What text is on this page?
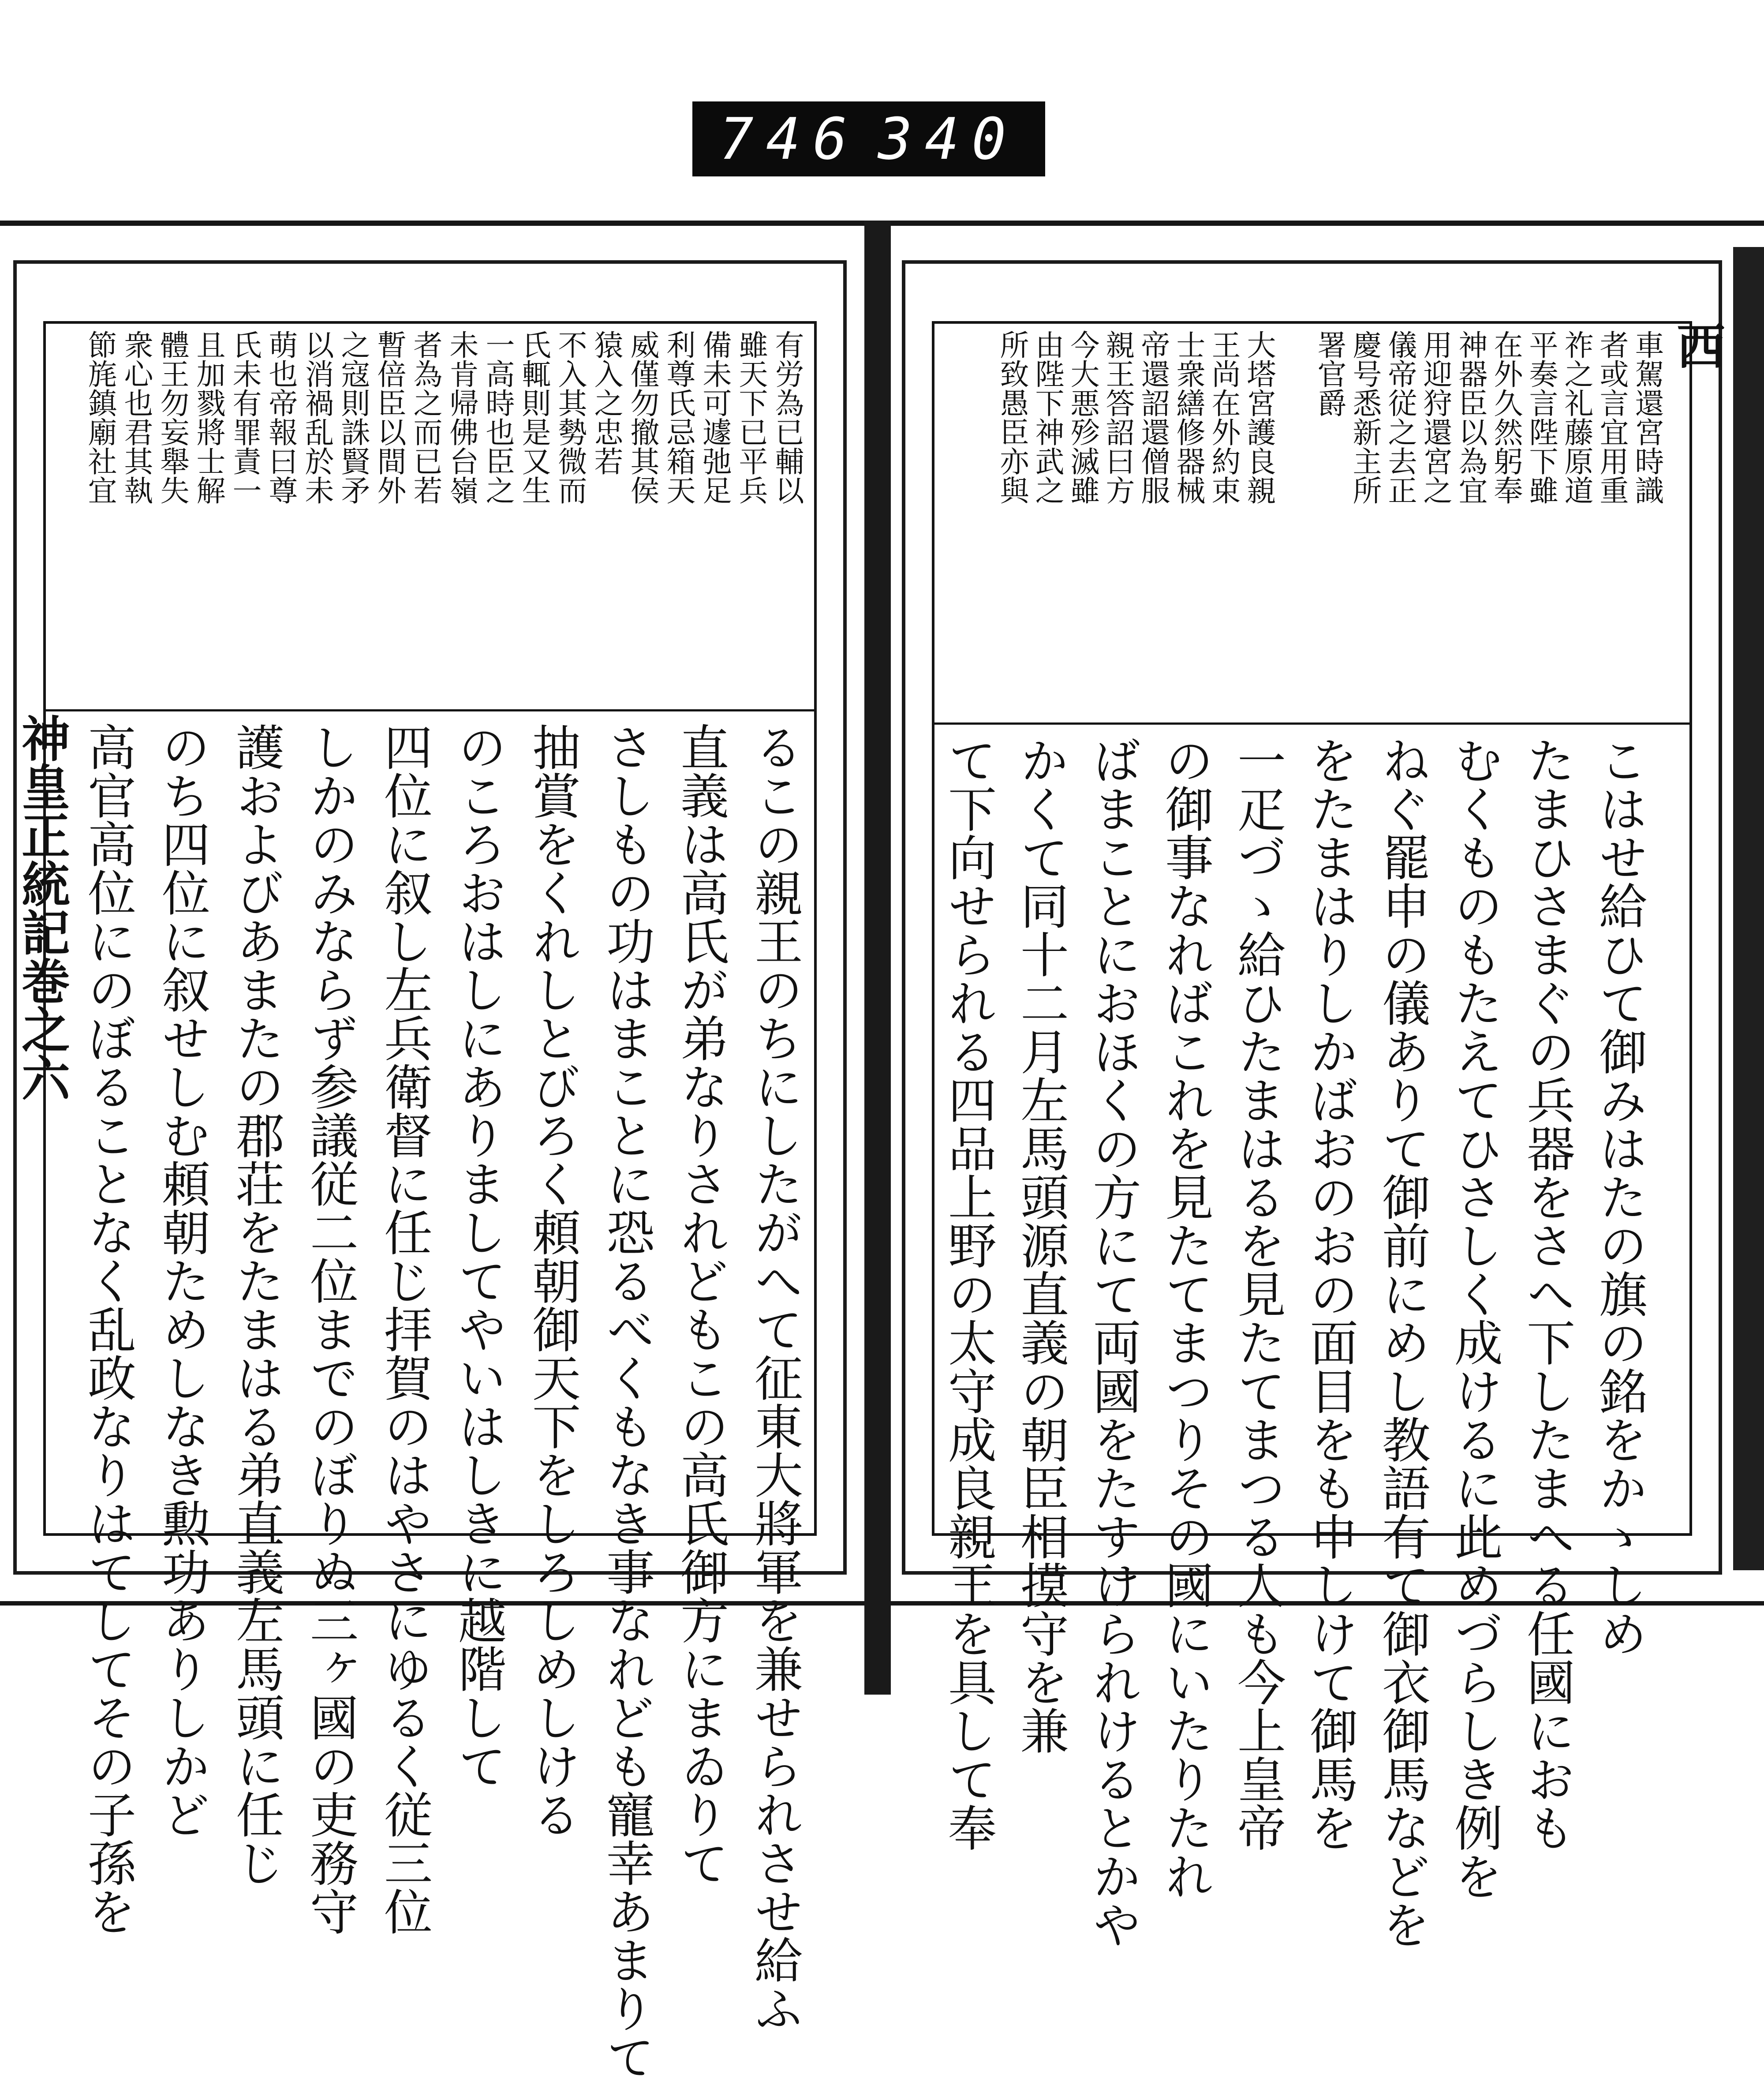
746 340
西
車駕還宮時識
者或言宜用重
祚之礼藤原道
平奏言陛下雖
在外久然躬奉
神器臣以為宜
用迎狩還宮之
儀帝従之去正
慶号悉新主所
署官爵
大塔宮護良親
王尚在外約束
士衆繕修器械
帝還詔還僧服
親王答詔曰方
今大悪殄滅雖
由陛下神武之
所致愚臣亦與
こはせ給ひて御みはたの旗の銘をかゝしめ
たまひさまぐの兵器をさへ下したまへる任國におも
むくものもたえてひさしく成けるに此めづらしき例を
ねぐ罷申の儀ありて御前にめし教語有て御衣御馬などを
をたまはりしかばおのおの面目をも申しけて御馬を
一疋づゝ給ひたまはるを見たてまつる人も今上皇帝
の御事なればこれを見たてまつりその國にいたりたれ
ばまことにおほくの方にて両國をたすけられけるとかや
かくて同十二月左馬頭源直義の朝臣相摸守を兼
て下向せられる四品上野の太守成良親王を具して奉
神皇正統記巻之六
有労為已輔以
雖天下已平兵
備未可遽弛足
利尊氏忌箱天
威僅勿撤其侯
猿入之忠若
不入其勢微而
氏輒則是又生
一高時也臣之
未肯帰佛台嶺
者為之而已若
暫倍臣以間外
之寇則誅賢矛
以消禍乱於未
萌也帝報曰尊
氏未有罪責一
且加戮將士解
體王勿妄舉失
衆心也君其執
節旄鎮廟社宜
るこの親王のちにしたがへて征東大將軍を兼せられさせ給ふ
直義は高氏が弟なりされどもこの高氏御方にまゐりて
さしもの功はまことに恐るべくもなき事なれども寵幸あまりて
抽賞をくれしとびろく頼朝御天下をしろしめしける
のころおはしにありましてやいはしきに越階して
四位に叙し左兵衛督に任じ拝賀のはやさにゆるく従三位
しかのみならず参議従二位までのぼりぬ三ヶ國の吏務守
護およびあまたの郡荘をたまはる弟直義左馬頭に任じ
のち四位に叙せしむ頼朝ためしなき勲功ありしかど
高官高位にのぼることなく乱政なりはてしてその子孫を
